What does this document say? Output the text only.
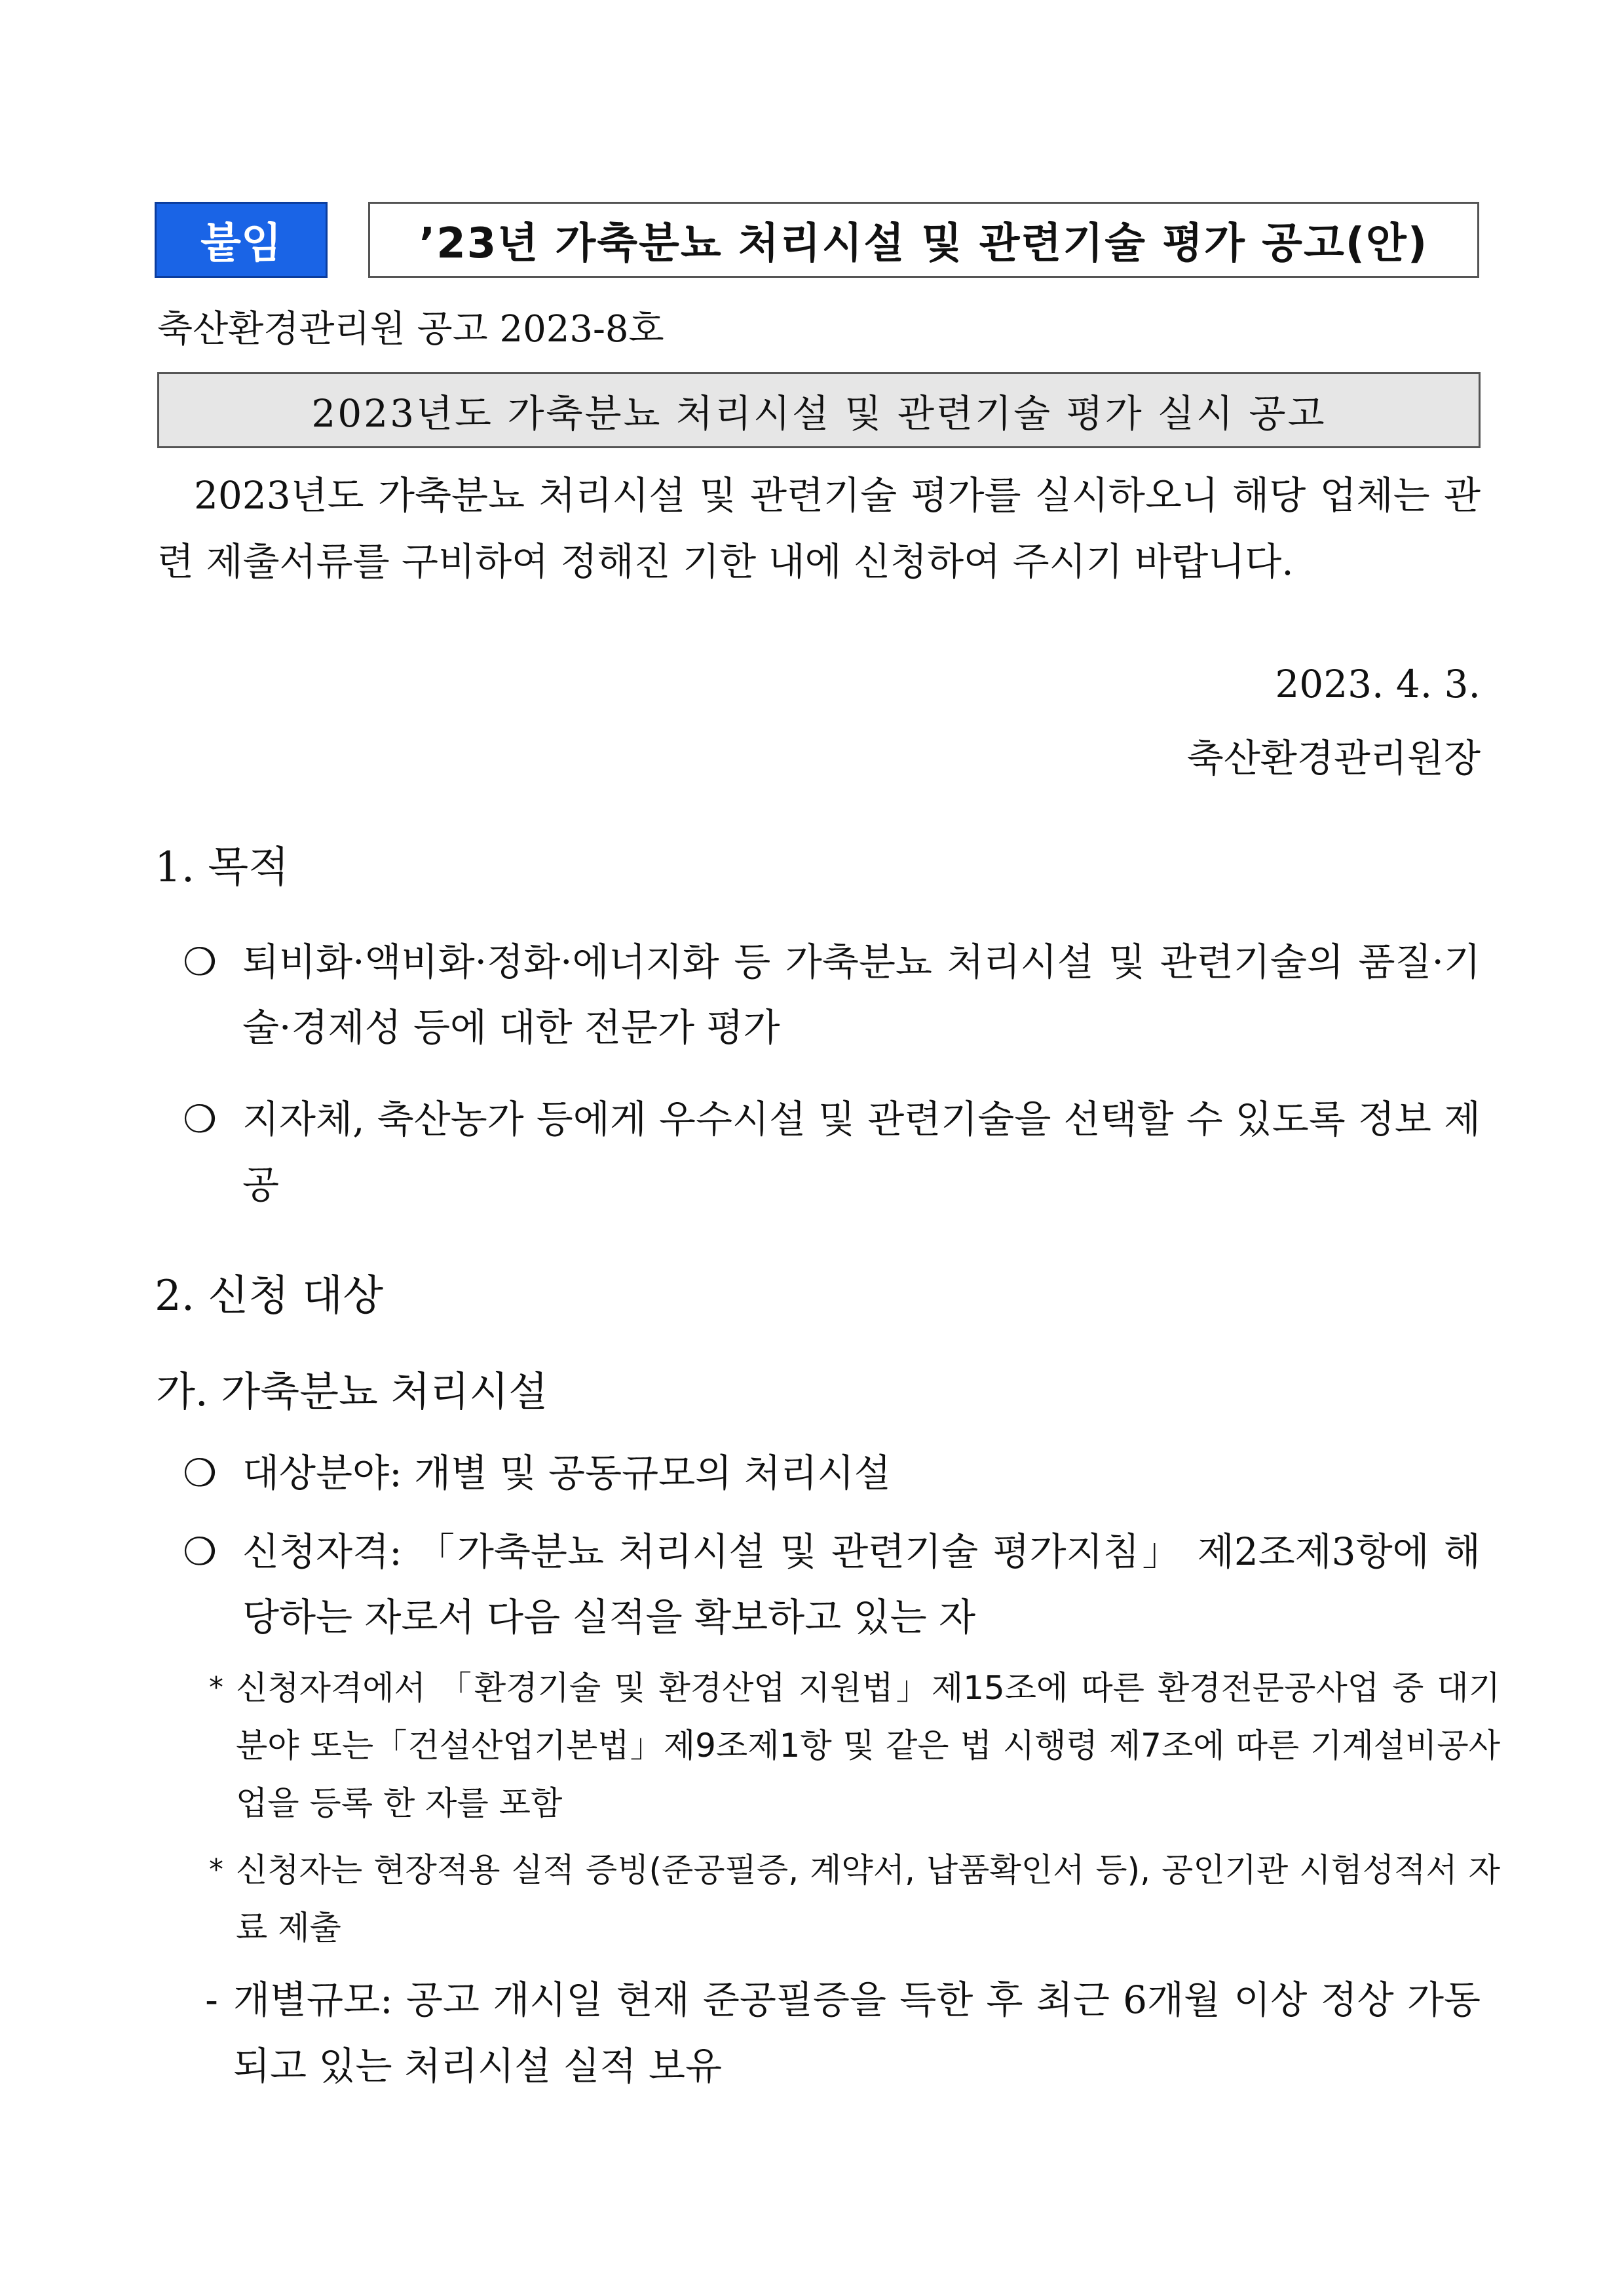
붙임	’23년 가축분뇨 처리시설 및 관련기술 평가 공고(안)
축산환경관리원 공고 2023-8호
2023년도 가축분뇨 처리시설 및 관련기술 평가 실시 공고

2023년도 가축분뇨 처리시설 및 관련기술 평가를 실시하오니 해당 업체는 관련 제출서류를 구비하여 정해진 기한 내에 신청하여 주시기 바랍니다.

2023. 4. 3.
축산환경관리원장
1. 목적
❍ 퇴비화·액비화·정화·에너지화 등 가축분뇨 처리시설 및 관련기술의 품질·기술·경제성 등에 대한 전문가 평가

❍ 지자체, 축산농가 등에게 우수시설 및 관련기술을 선택할 수 있도록 정보 제공

2. 신청 대상
가. 가축분뇨 처리시설
❍ 대상분야: 개별 및 공동규모의 처리시설

❍ 신청자격: 「가축분뇨 처리시설 및 관련기술 평가지침」 제2조제3항에 해당하는 자로서 다음 실적을 확보하고 있는 자

* 신청자격에서 「환경기술 및 환경산업 지원법」제15조에 따른 환경전문공사업 중 대기분야 또는「건설산업기본법」제9조제1항 및 같은 법 시행령 제7조에 따른 기계설비공사업을 등록 한 자를 포함

* 신청자는 현장적용 실적 증빙(준공필증, 계약서, 납품확인서 등), 공인기관 시험성적서 자료 제출

- 개별규모: 공고 개시일 현재 준공필증을 득한 후 최근 6개월 이상 정상 가동되고 있는 처리시설 실적 보유
